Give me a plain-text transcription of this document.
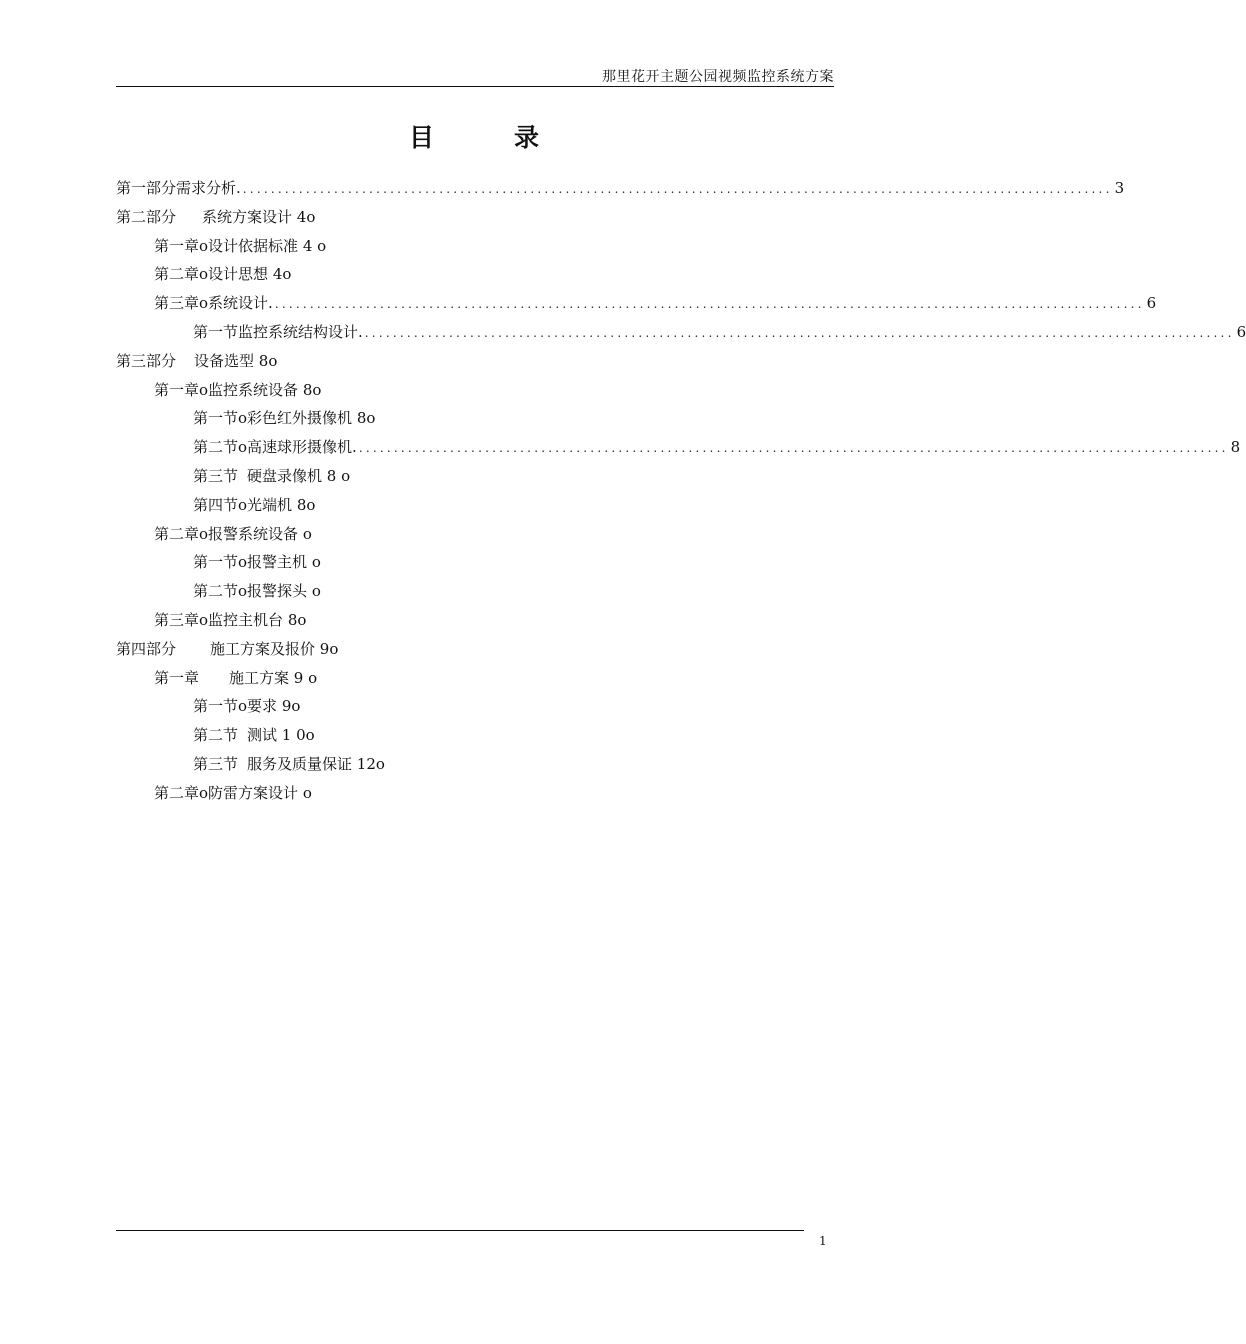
那里花开主题公园视频监控系统方案
目	录
第一部分 需求分析. ............................................................................................................................ 3
第二部分 系统方案设计 4o
第一章 o设计依据标准 4 o
第二章 o设计思想 4o
第三章 o系统设计. ............................................................................................................................ 6
第一节 监控系统结构设计. ............................................................................................................................ 6
第三部分 设备选型 8o
第一章 o监控系统设备 8o
第一节 o彩色红外摄像机 8o
第二节 o高速球形摄像机. ............................................................................................................................ 8
第三节 硬盘录像机 8 o
第四节 o光端机 8o
第二章 o报警系统设备 o
第一节 o报警主机 o
第二节 o报警探头 o
第三章 o监控主机台 8o
第四部分 施工方案及报价 9o
第一章 施工方案 9 o
第一节 o要求 9o
第二节 测试 1 0o
第三节 服务及质量保证 12o
第二章 o防雷方案设计 o
1
